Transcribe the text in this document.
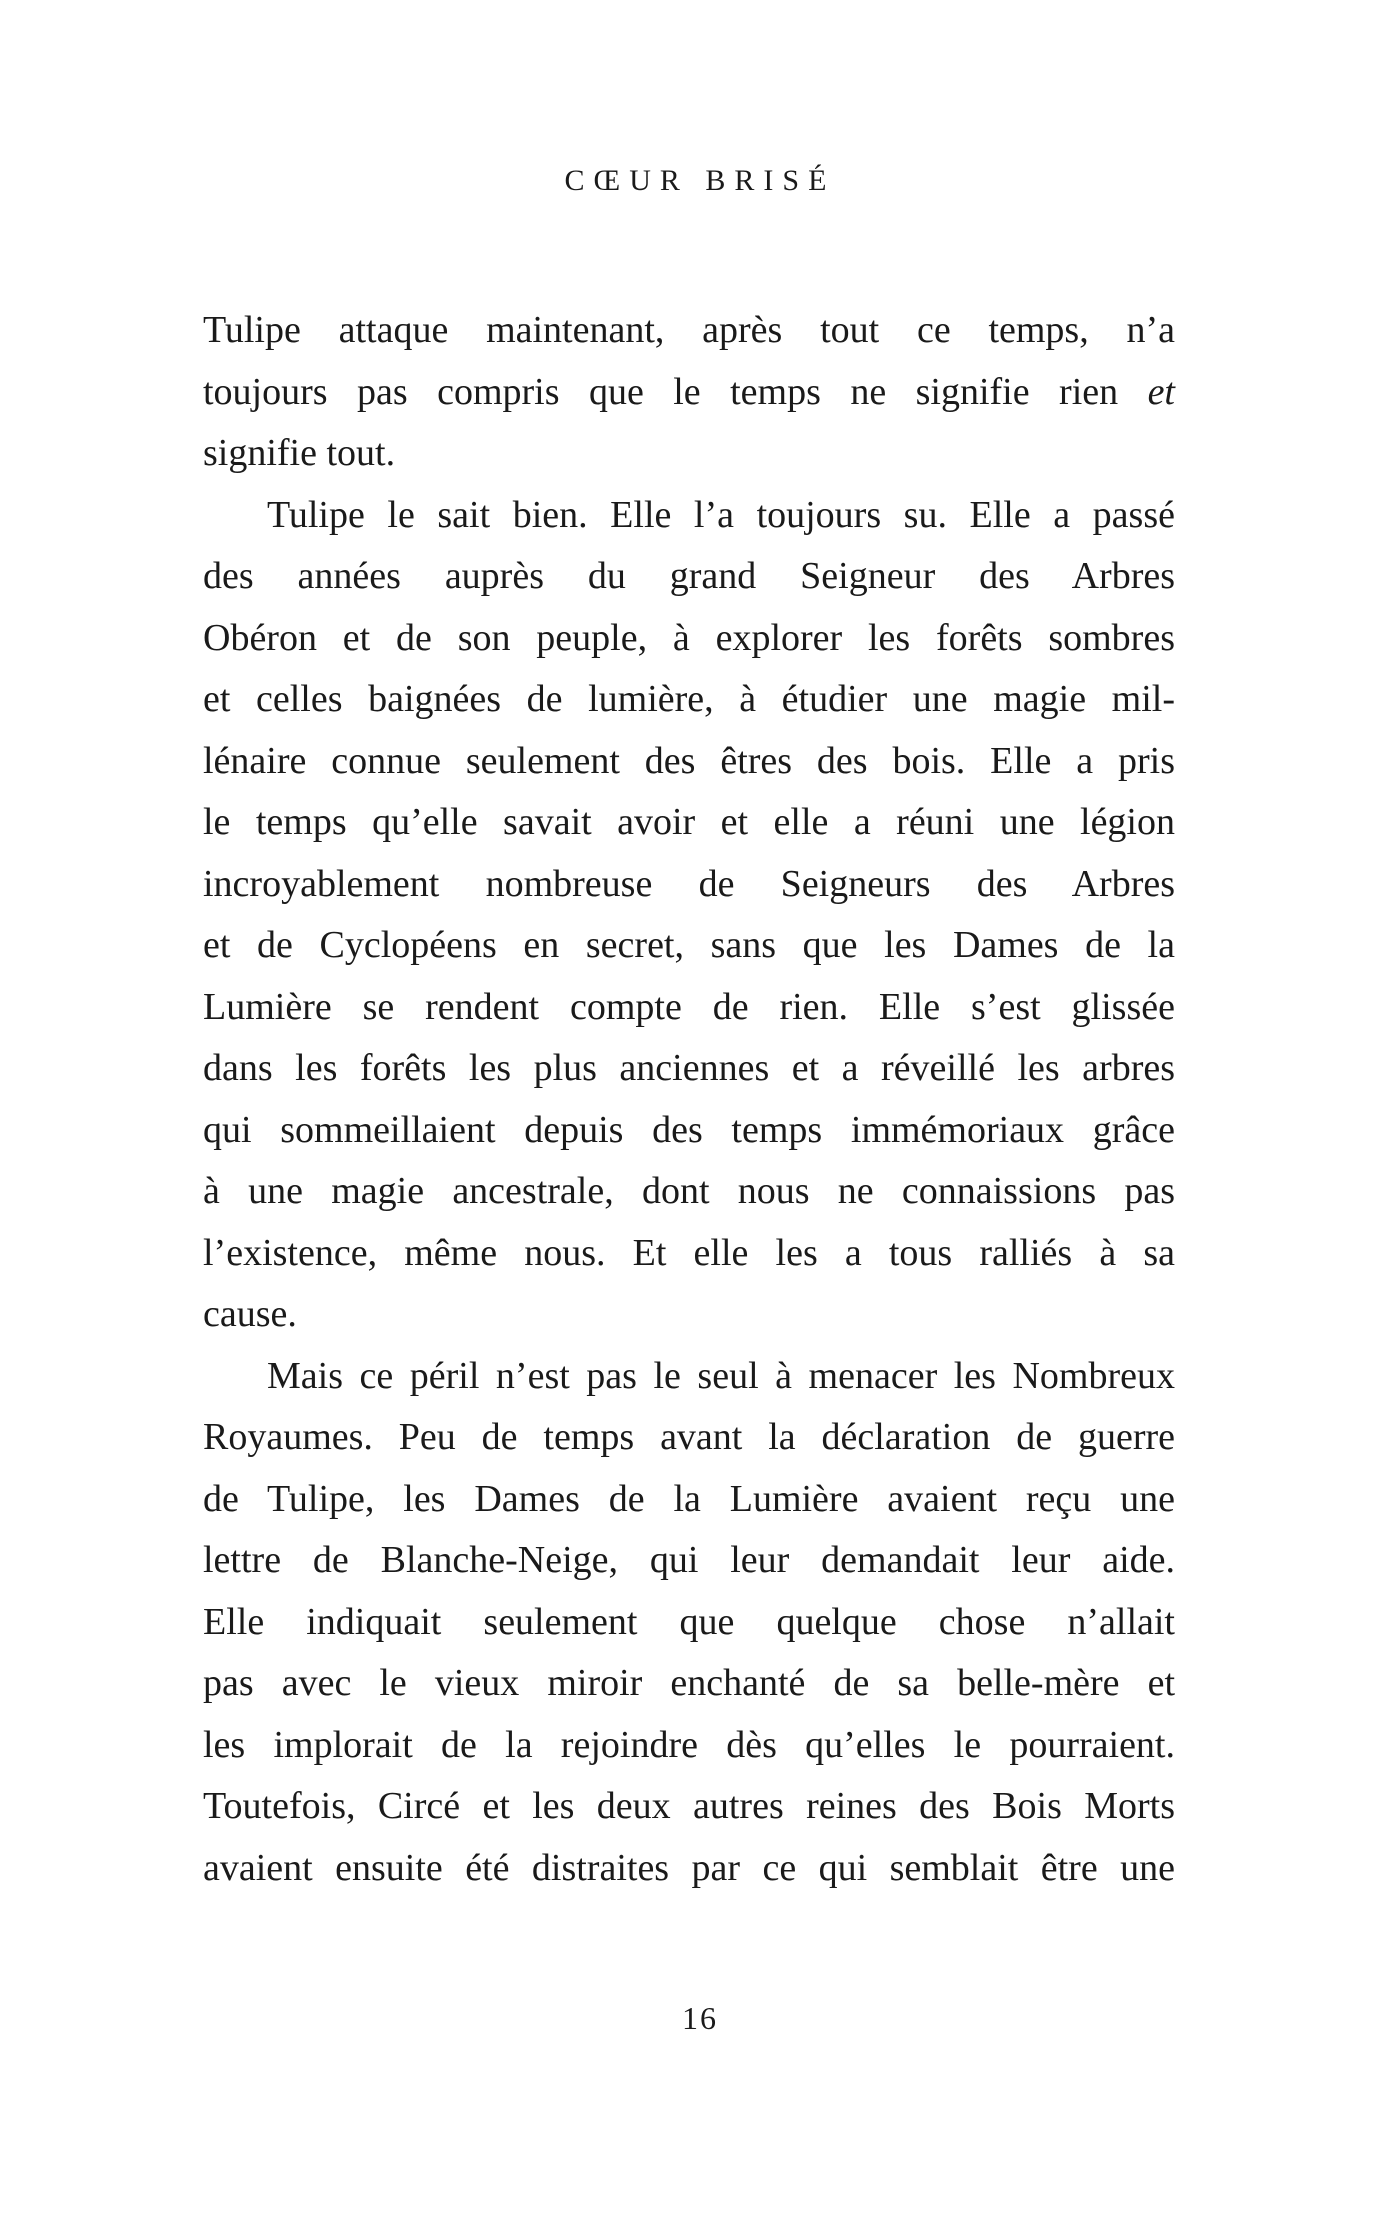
CŒUR BRISÉ
Tulipe attaque maintenant, après tout ce temps, n’a
toujours pas compris que le temps ne signifie rien et
signifie tout.
Tulipe le sait bien. Elle l’a toujours su. Elle a passé
des années auprès du grand Seigneur des Arbres
Obéron et de son peuple, à explorer les forêts sombres
et celles baignées de lumière, à étudier une magie mil-
lénaire connue seulement des êtres des bois. Elle a pris
le temps qu’elle savait avoir et elle a réuni une légion
incroyablement nombreuse de Seigneurs des Arbres
et de Cyclopéens en secret, sans que les Dames de la
Lumière se rendent compte de rien. Elle s’est glissée
dans les forêts les plus anciennes et a réveillé les arbres
qui sommeillaient depuis des temps immémoriaux grâce
à une magie ancestrale, dont nous ne connaissions pas
l’existence, même nous. Et elle les a tous ralliés à sa
cause.
Mais ce péril n’est pas le seul à menacer les Nombreux
Royaumes. Peu de temps avant la déclaration de guerre
de Tulipe, les Dames de la Lumière avaient reçu une
lettre de Blanche-Neige, qui leur demandait leur aide.
Elle indiquait seulement que quelque chose n’allait
pas avec le vieux miroir enchanté de sa belle-mère et
les implorait de la rejoindre dès qu’elles le pourraient.
Toutefois, Circé et les deux autres reines des Bois Morts
avaient ensuite été distraites par ce qui semblait être une
16
